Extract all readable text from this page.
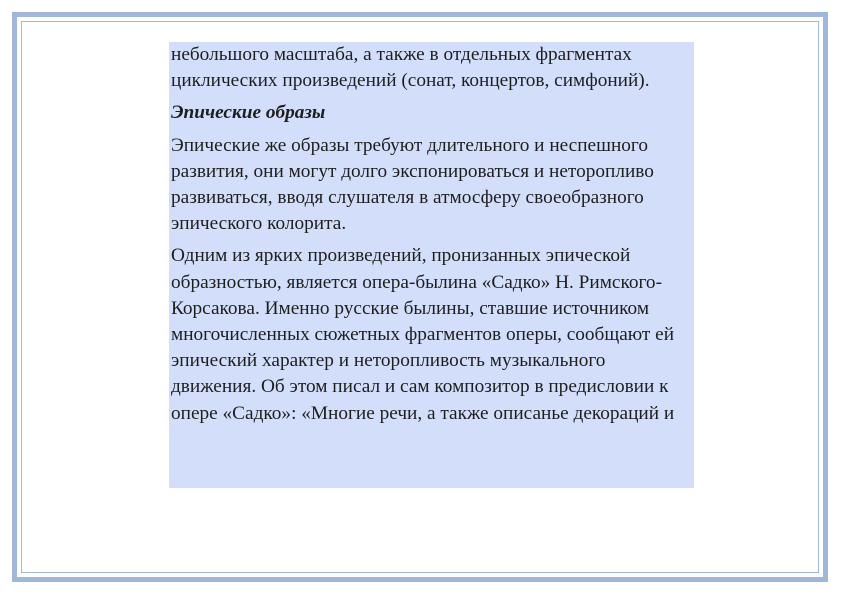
небольшого масштаба, а также в отдельных фрагментах циклических произведений (сонат, концертов, симфоний).

Эпические образы

Эпические же образы требуют длительного и неспешного развития, они могут долго экспонироваться и неторопливо развиваться, вводя слушателя в атмосферу своеобразного эпического колорита.

Одним из ярких произведений, пронизанных эпической образностью, является опера-былина «Садко» Н. Римского-Корсакова. Именно русские былины, ставшие источником многочисленных сюжетных фрагментов оперы, сообщают ей эпический характер и неторопливость музыкального движения. Об этом писал и сам композитор в предисловии к опере «Садко»: «Многие речи, а также описанье декораций и
